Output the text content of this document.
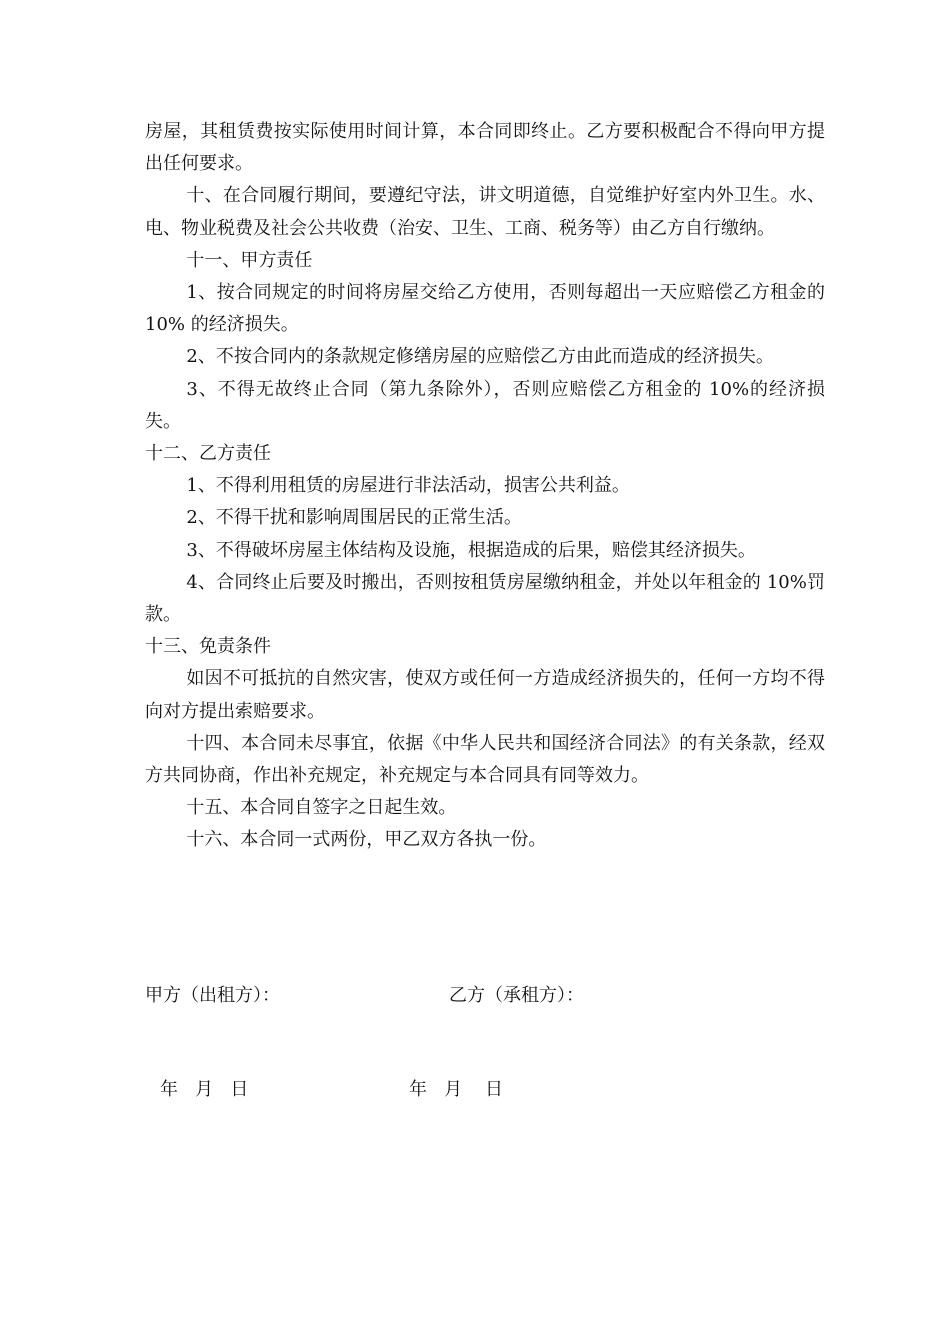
房屋，其租赁费按实际使用时间计算，本合同即终止。乙方要积极配合不得向甲方提出任何要求。

十、在合同履行期间，要遵纪守法，讲文明道德，自觉维护好室内外卫生。水、电、物业税费及社会公共收费（治安、卫生、工商、税务等）由乙方自行缴纳。

十一、甲方责任

1、按合同规定的时间将房屋交给乙方使用，否则每超出一天应赔偿乙方租金的 10% 的经济损失。

2、不按合同内的条款规定修缮房屋的应赔偿乙方由此而造成的经济损失。

3、不得无故终止合同（第九条除外），否则应赔偿乙方租金的 10%的经济损失。

十二、乙方责任

1、不得利用租赁的房屋进行非法活动，损害公共利益。

2、不得干扰和影响周围居民的正常生活。

3、不得破坏房屋主体结构及设施，根据造成的后果，赔偿其经济损失。

4、合同终止后要及时搬出，否则按租赁房屋缴纳租金，并处以年租金的 10%罚款。

十三、免责条件

如因不可抵抗的自然灾害，使双方或任何一方造成经济损失的，任何一方均不得向对方提出索赔要求。

十四、本合同未尽事宜，依据《中华人民共和国经济合同法》的有关条款，经双方共同协商，作出补充规定，补充规定与本合同具有同等效力。

十五、本合同自签字之日起生效。

十六、本合同一式两份，甲乙双方各执一份。

甲方（出租方）：	乙方（承租方）：
年   月   日	年   月    日
